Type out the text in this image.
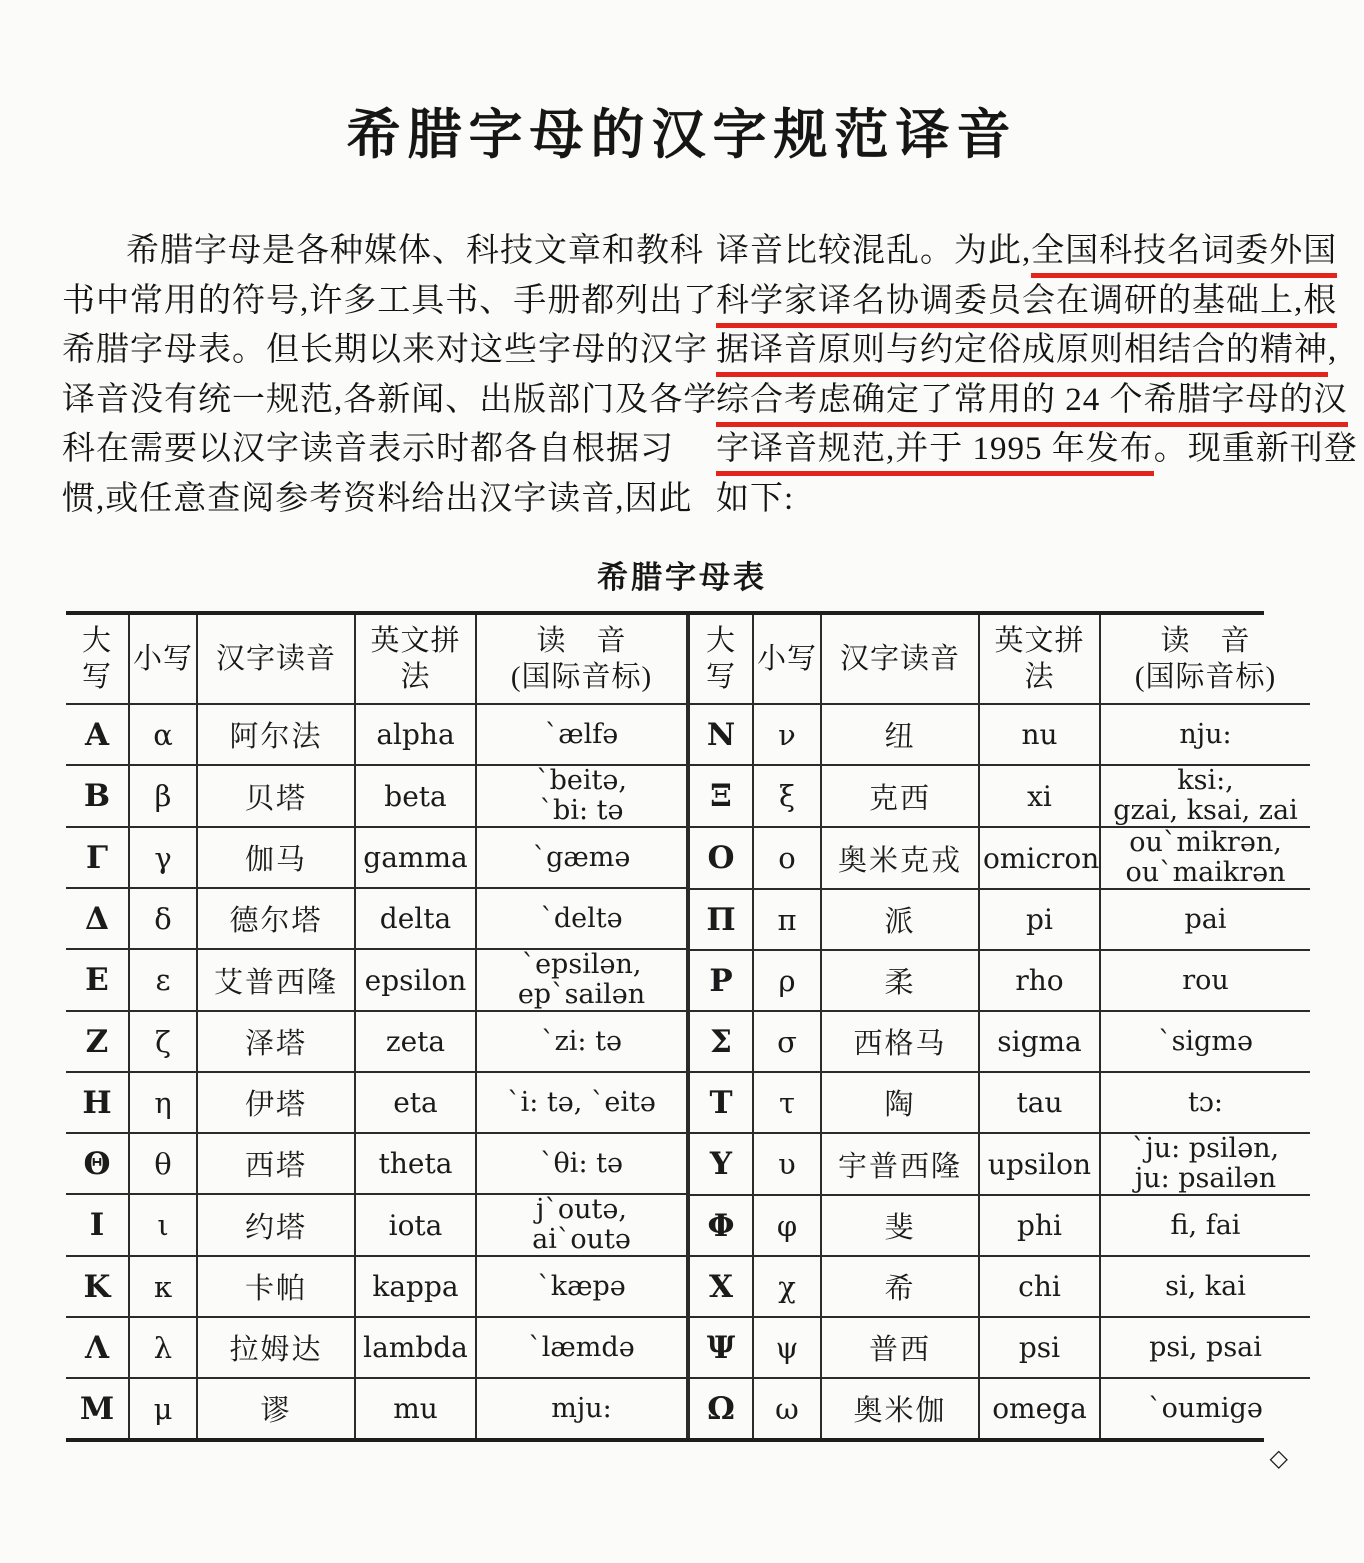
希腊字母的汉字规范译音
希腊字母是各种媒体、科技文章和教科
书中常用的符号,许多工具书、手册都列出了
希腊字母表。但长期以来对这些字母的汉字
译音没有统一规范,各新闻、出版部门及各学
科在需要以汉字读音表示时都各自根据习
惯,或任意查阅参考资料给出汉字读音,因此
译音比较混乱。为此,全国科技名词委外国
科学家译名协调委员会在调研的基础上,根
据译音原则与约定俗成原则相结合的精神,
综合考虑确定了常用的 24 个希腊字母的汉
字译音规范,并于 1995 年发布。现重新刊登
如下:
希腊字母表
大写	小写	汉字读音	英文拼法	读　音
(国际音标)
A	α	阿尔法	alpha	ˋælfə
B	β	贝塔	beta	ˋbeitə,
ˋbi: tə
Γ	γ	伽马	gamma	ˋgæmə
Δ	δ	德尔塔	delta	ˋdeltə
E	ε	艾普西隆	epsilon	ˋepsilən,
epˋsailən
Z	ζ	泽塔	zeta	ˋzi: tə
H	η	伊塔	eta	ˋi: tə, ˋeitə
Θ	θ	西塔	theta	ˋθi: tə
I	ι	约塔	iota	jˋoutə,
aiˋoutə
K	κ	卡帕	kappa	ˋkæpə
Λ	λ	拉姆达	lambda	ˋlæmdə
M	μ	谬	mu	mju:
大写	小写	汉字读音	英文拼法	读　音
(国际音标)
N	ν	纽	nu	nju:
Ξ	ξ	克西	xi	ksi:,
gzai, ksai, zai
O	o	奥米克戎	omicron	ouˋmikrən,
ouˋmaikrən
Π	π	派	pi	pai
P	ρ	柔	rho	rou
Σ	σ	西格马	sigma	ˋsigmə
T	τ	陶	tau	tɔ:
Υ	υ	宇普西隆	upsilon	ˋju: psilən,
ju: psailən
Φ	φ	斐	phi	fi, fai
X	χ	希	chi	si, kai
Ψ	ψ	普西	psi	psi, psai
Ω	ω	奥米伽	omega	ˋoumigə
◇
